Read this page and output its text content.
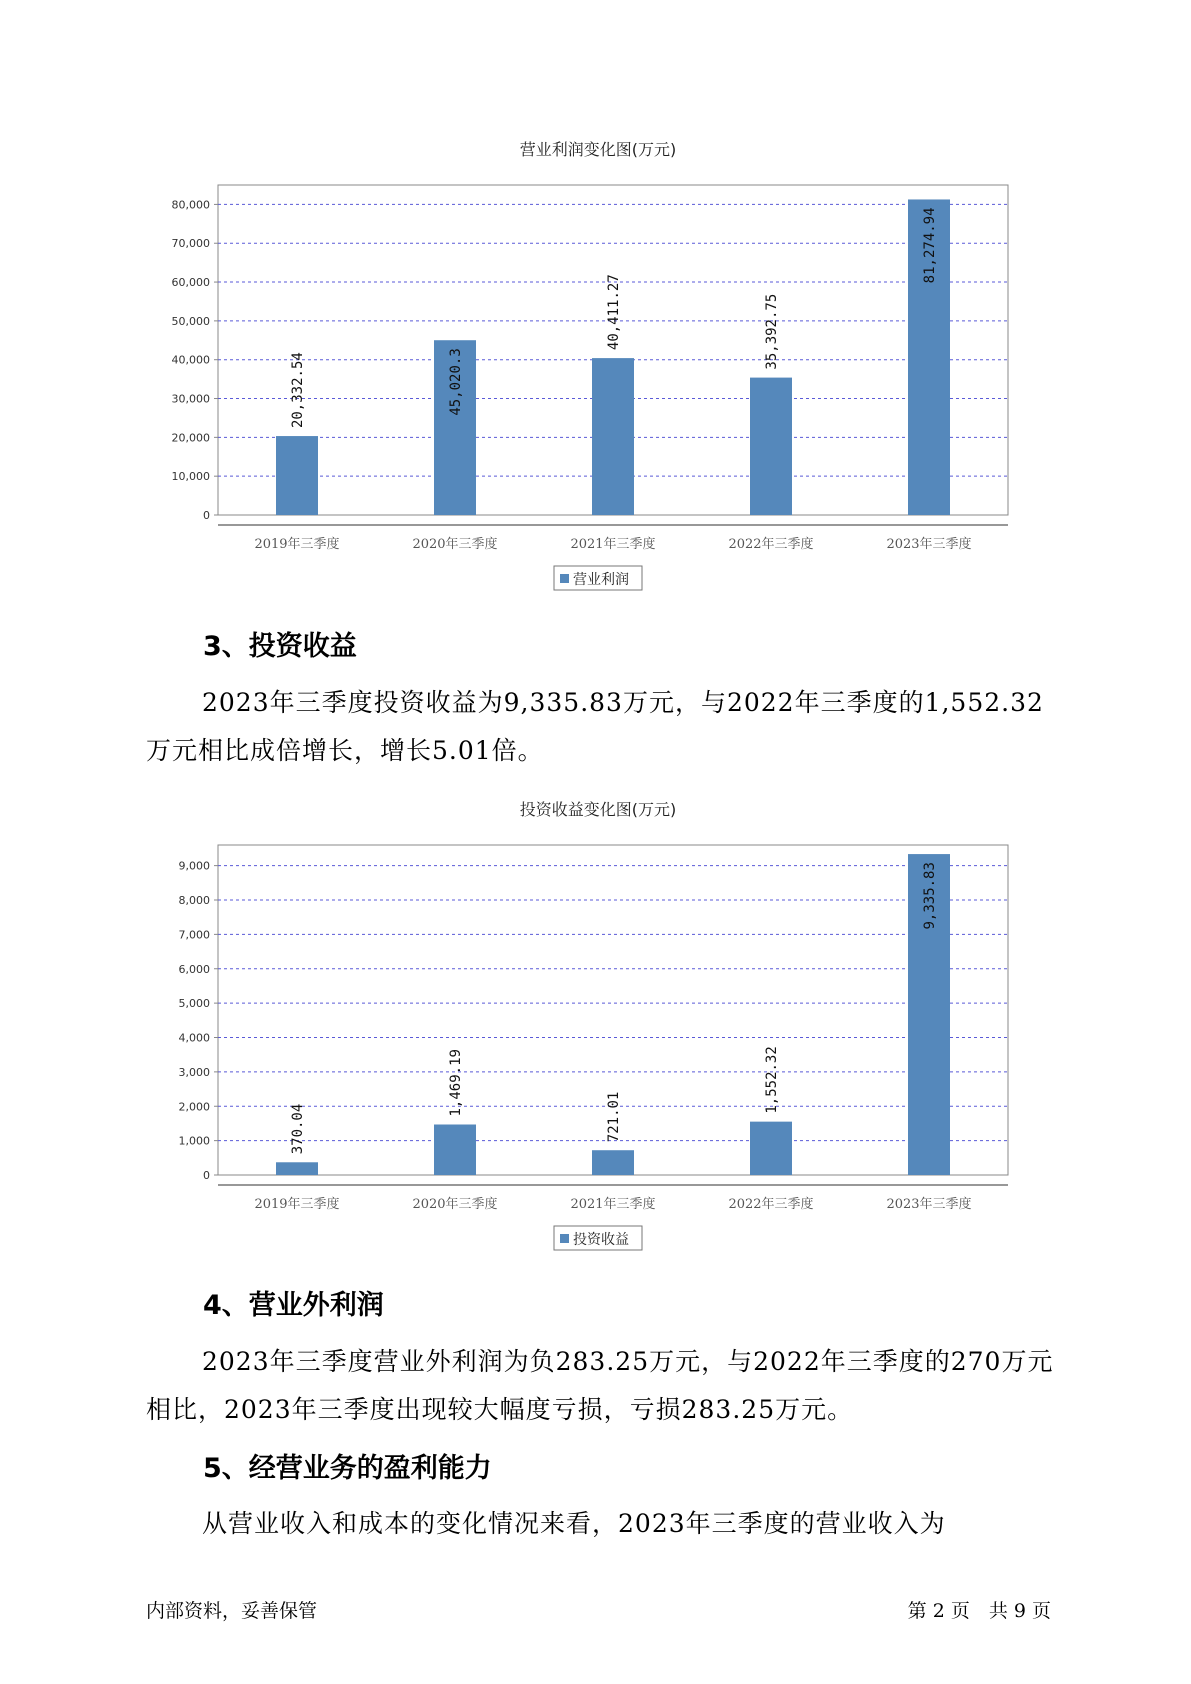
营业利润变化图(万元)
0
10,000
20,000
30,000
40,000
50,000
60,000
70,000
80,000
20,332.54
2019年三季度
45,020.3
2020年三季度
40,411.27
2021年三季度
35,392.75
2022年三季度
81,274.94
2023年三季度
营业利润
3、投资收益

2023年三季度投资收益为9,335.83万元，与2022年三季度的1,552.32万元相比成倍增长，增长5.01倍。

投资收益变化图(万元)
0
1,000
2,000
3,000
4,000
5,000
6,000
7,000
8,000
9,000
370.04
2019年三季度
1,469.19
2020年三季度
721.01
2021年三季度
1,552.32
2022年三季度
9,335.83
2023年三季度
投资收益
4、营业外利润

2023年三季度营业外利润为负283.25万元，与2022年三季度的270万元相比，2023年三季度出现较大幅度亏损，亏损283.25万元。

5、经营业务的盈利能力

从营业收入和成本的变化情况来看，2023年三季度的营业收入为

内部资料，妥善保管	第 2 页　共 9 页
